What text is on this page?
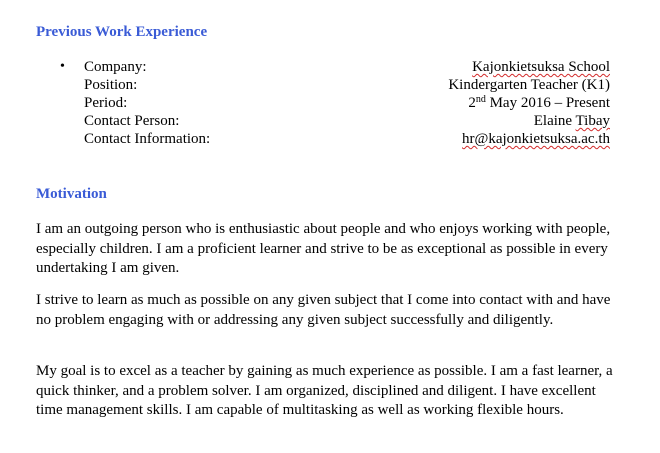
Previous Work Experience
• Company:	Kajonkietsuksa School
Position:	Kindergarten Teacher (K1)
Period:	2nd May 2016 – Present
Contact Person:	Elaine Tibay
Contact Information:	hr@kajonkietsuksa.ac.th
Motivation

I am an outgoing person who is enthusiastic about people and who enjoys working with people, especially children. I am a proficient learner and strive to be as exceptional as possible in every undertaking I am given.

I strive to learn as much as possible on any given subject that I come into contact with and have no problem engaging with or addressing any given subject successfully and diligently.

My goal is to excel as a teacher by gaining as much experience as possible. I am a fast learner, a quick thinker, and a problem solver. I am organized, disciplined and diligent. I have excellent time management skills. I am capable of multitasking as well as working flexible hours.
